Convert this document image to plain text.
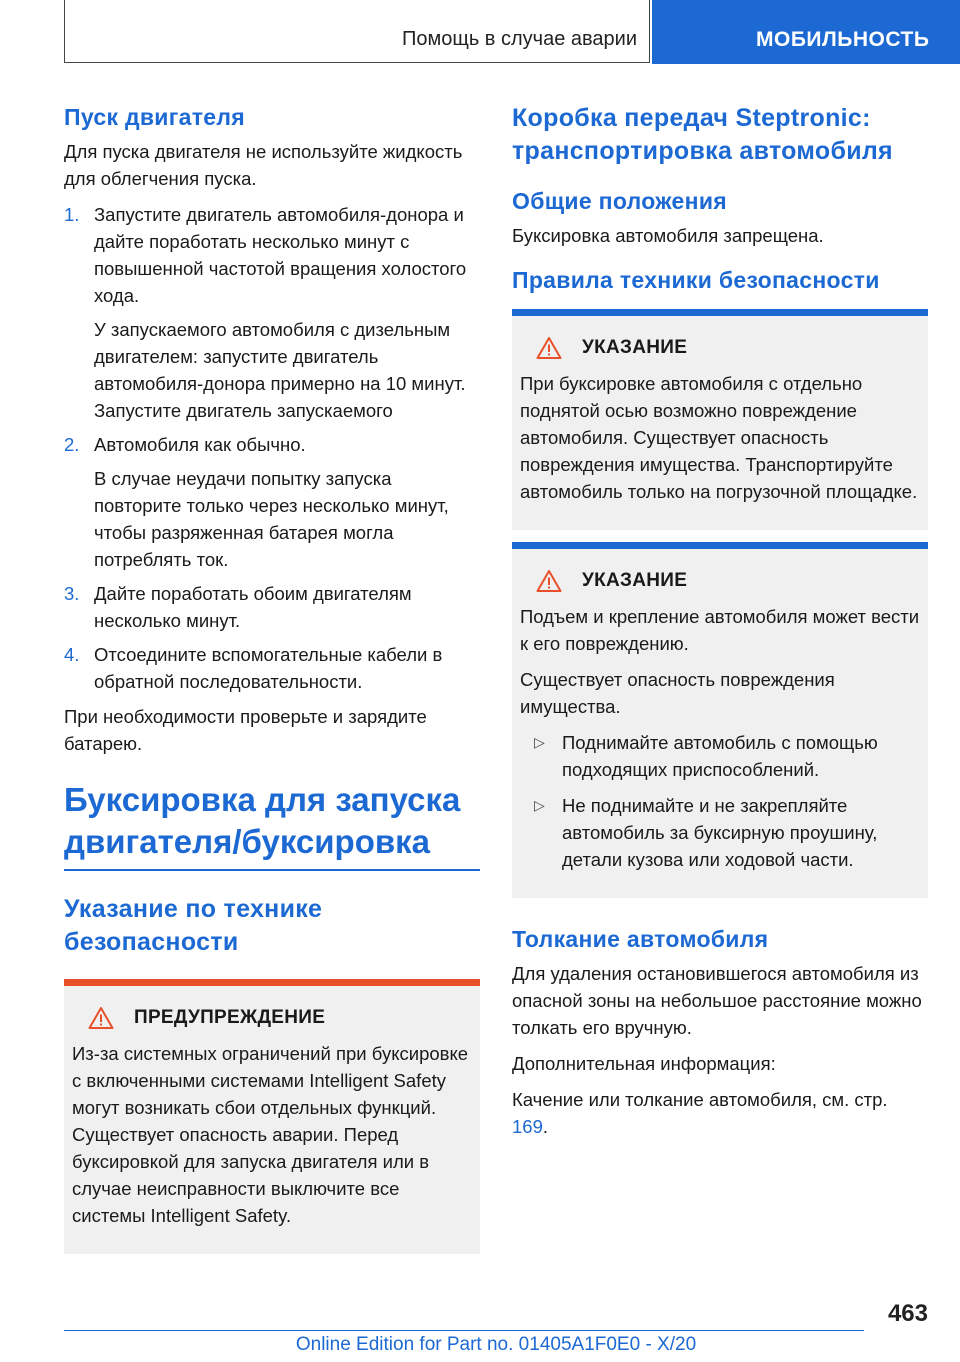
Помощь в случае аварии	МОБИЛЬНОСТЬ
Пуск двигателя

Для пуска двигателя не используйте жидкость для облегчения пуска.

1. Запустите двигатель автомобиля-донора и дайте поработать несколько минут с повышенной частотой вращения холостого хода.

У запускаемого автомобиля с дизельным двигателем: запустите двигатель автомобиля-донора примерно на 10 минут. Запустите двигатель запускаемого

2. Автомобиля как обычно.

В случае неудачи попытку запуска повторите только через несколько минут, чтобы разряженная батарея могла потреблять ток.

3. Дайте поработать обоим двигателям несколько минут.

4. Отсоедините вспомогательные кабели в обратной последовательности.

При необходимости проверьте и зарядите батарею.

Буксировка для запуска двигателя/буксировка
Указание по технике безопасности
ПРЕДУПРЕЖДЕНИЕ

Из-за системных ограничений при буксировке с включенными системами Intelligent Safety могут возникать сбои отдельных функций. Существует опасность аварии. Перед буксировкой для запуска двигателя или в случае неисправности выключите все системы Intelligent Safety.

Коробка передач Steptronic: транспортировка автомобиля
Общие положения

Буксировка автомобиля запрещена.

Правила техники безопасности
УКАЗАНИЕ

При буксировке автомобиля с отдельно поднятой осью возможно повреждение автомобиля. Существует опасность повреждения имущества. Транспортируйте автомобиль только на погрузочной площадке.

УКАЗАНИЕ

Подъем и крепление автомобиля может вести к его повреждению.

Существует опасность повреждения имущества.

▷ Поднимайте автомобиль с помощью подходящих приспособлений.
▷ Не поднимайте и не закрепляйте автомобиль за буксирную проушину, детали кузова или ходовой части.
Толкание автомобиля

Для удаления остановившегося автомобиля из опасной зоны на небольшое расстояние можно толкать его вручную.

Дополнительная информация:

Качение или толкание автомобиля, см. стр. 169.

463
Online Edition for Part no. 01405A1F0E0 - X/20
